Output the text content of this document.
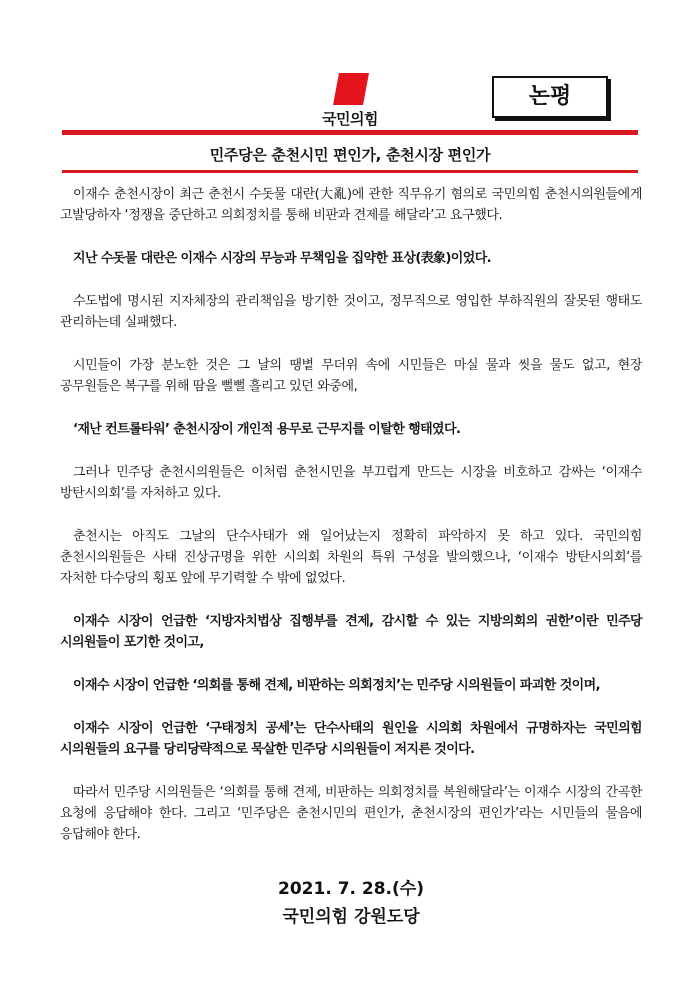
국민의힘
논평
민주당은 춘천시민 편인가, 춘천시장 편인가

이재수 춘천시장이 최근 춘천시 수돗물 대란(大亂)에 관한 직무유기 혐의로 국민의힘 춘천시의원들에게 고발당하자 ‘정쟁을 중단하고 의회정치를 통해 비판과 견제를 해달라’고 요구했다.

지난 수돗물 대란은 이재수 시장의 무능과 무책임을 집약한 표상(表象)이었다.

수도법에 명시된 지자체장의 관리책임을 방기한 것이고, 정무직으로 영입한 부하직원의 잘못된 행태도 관리하는데 실패했다.

시민들이 가장 분노한 것은 그 날의 땡볕 무더위 속에 시민들은 마실 물과 씻을 물도 없고, 현장 공무원들은 복구를 위해 땀을 뻘뻘 흘리고 있던 와중에,

‘재난 컨트롤타워’ 춘천시장이 개인적 용무로 근무지를 이탈한 행태였다.

그러나 민주당 춘천시의원들은 이처럼 춘천시민을 부끄럽게 만드는 시장을 비호하고 감싸는 ‘이재수 방탄시의회’를 자처하고 있다.

춘천시는 아직도 그날의 단수사태가 왜 일어났는지 정확히 파악하지 못 하고 있다. 국민의힘 춘천시의원들은 사태 진상규명을 위한 시의회 차원의 특위 구성을 발의했으나, ‘이재수 방탄시의회’를 자처한 다수당의 횡포 앞에 무기력할 수 밖에 없었다.

이재수 시장이 언급한 ‘지방자치법상 집행부를 견제, 감시할 수 있는 지방의회의 권한’이란 민주당 시의원들이 포기한 것이고,

이재수 시장이 언급한 ‘의회를 통해 견제, 비판하는 의회정치’는 민주당 시의원들이 파괴한 것이며,

이재수 시장이 언급한 ‘구태정치 공세’는 단수사태의 원인을 시의회 차원에서 규명하자는 국민의힘 시의원들의 요구를 당리당략적으로 묵살한 민주당 시의원들이 저지른 것이다.

따라서 민주당 시의원들은 ‘의회를 통해 견제, 비판하는 의회정치를 복원해달라’는 이재수 시장의 간곡한 요청에 응답해야 한다. 그리고 ‘민주당은 춘천시민의 편인가, 춘천시장의 편인가’라는 시민들의 물음에 응답해야 한다.

2021. 7. 28.(수)
국민의힘 강원도당
